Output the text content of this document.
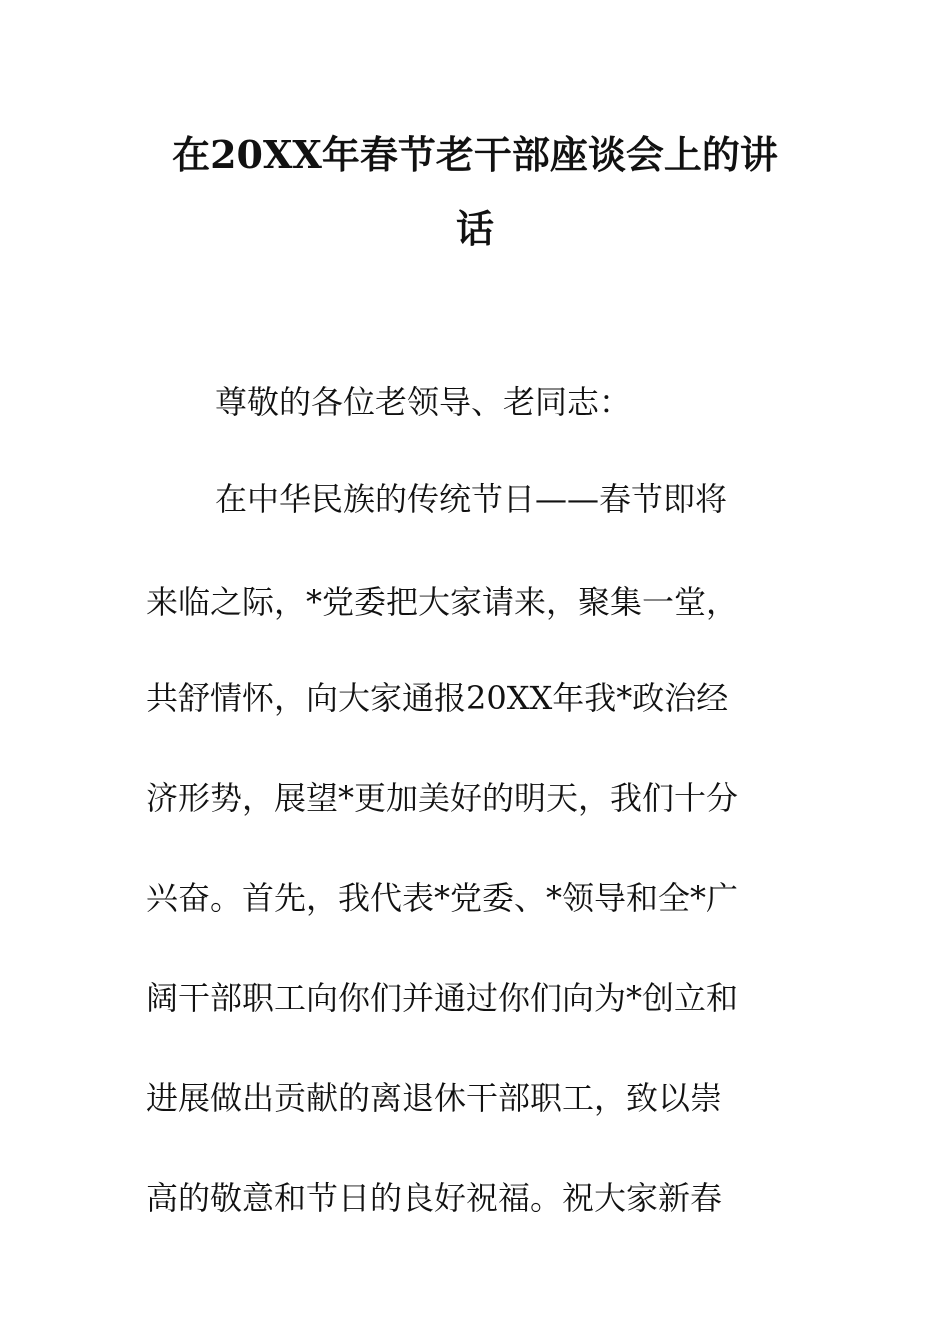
在20XX年春节老干部座谈会上的讲
话

尊敬的各位老领导、老同志：

在中华民族的传统节日——春节即将

来临之际，*党委把大家请来，聚集一堂，

共舒情怀，向大家通报20XX年我*政治经

济形势，展望*更加美好的明天，我们十分

兴奋。首先，我代表*党委、*领导和全*广

阔干部职工向你们并通过你们向为*创立和

进展做出贡献的离退休干部职工，致以崇

高的敬意和节日的良好祝福。祝大家新春
